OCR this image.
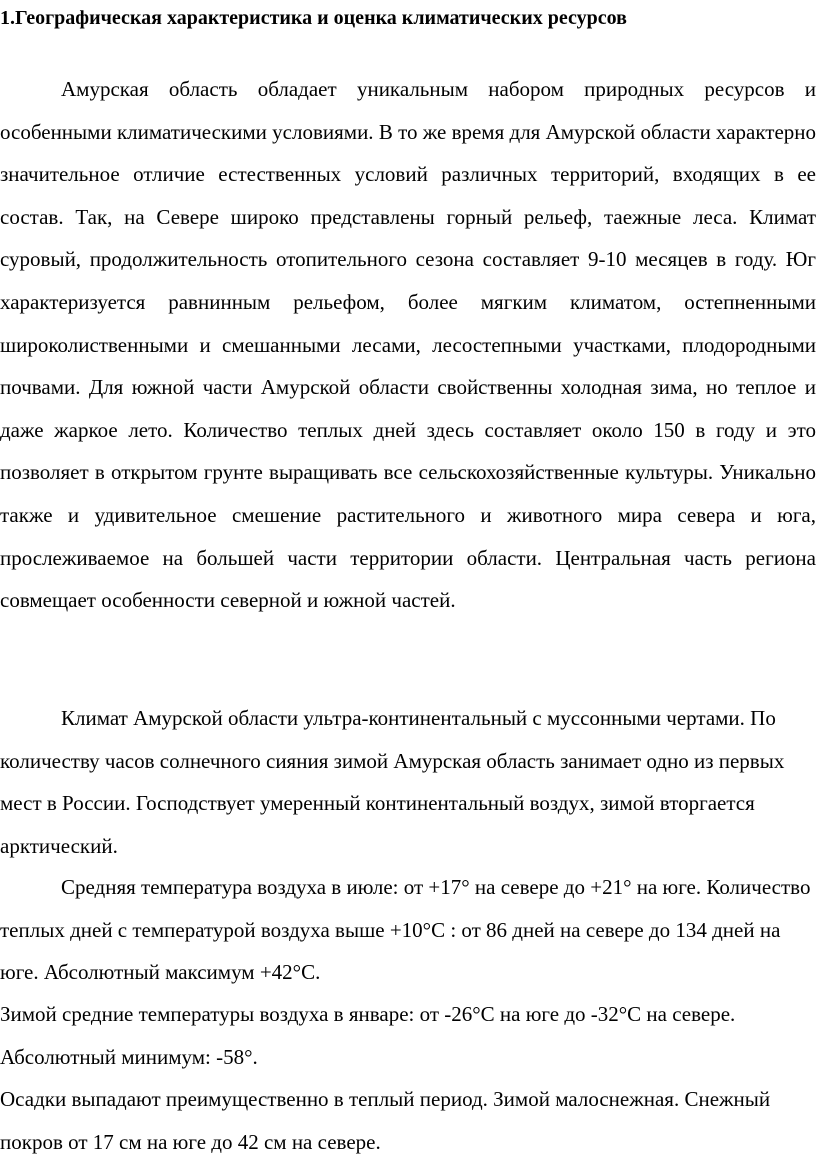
1.Географическая характеристика и оценка климатических ресурсов

Амурская область обладает уникальным набором природных ресурсов и особенными климатическими условиями. В то же время для Амурской области характерно значительное отличие естественных условий различных территорий, входящих в ее состав. Так, на Севере широко представлены горный рельеф, таежные леса. Климат суровый, продолжительность отопительного сезона составляет 9-10 месяцев в году. Юг характеризуется равнинным рельефом, более мягким климатом, остепненными широколиственными и смешанными лесами, лесостепными участками, плодородными почвами. Для южной части Амурской области свойственны холодная зима, но теплое и даже жаркое лето. Количество теплых дней здесь составляет около 150 в году и это позволяет в открытом грунте выращивать все сельскохозяйственные культуры. Уникально также и удивительное смешение растительного и животного мира севера и юга, прослеживаемое на большей части территории области. Центральная часть региона совмещает особенности северной и южной частей.

Климат Амурской области ультра-континентальный с муссонными чертами. По количеству часов солнечного сияния зимой Амурская область занимает одно из первых мест в России. Господствует умеренный континентальный воздух, зимой вторгается арктический.

Средняя температура воздуха в июле: от +17° на севере до +21° на юге. Количество теплых дней с температурой воздуха выше +10°С : от 86 дней на севере до 134 дней на юге. Абсолютный максимум +42°С.

Зимой средние температуры воздуха в январе: от -26°С на юге до -32°С на севере. Абсолютный минимум: -58°.

Осадки выпадают преимущественно в теплый период. Зимой малоснежная. Снежный покров от 17 см на юге до 42 см на севере.
